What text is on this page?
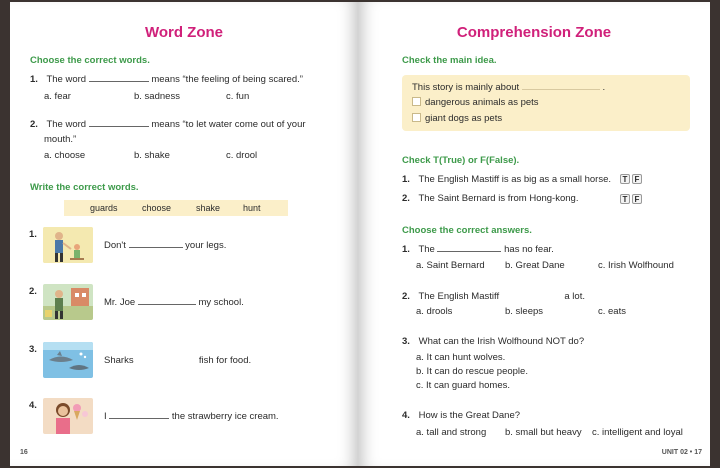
Word Zone
Choose the correct words.
1. The word	means “the feeling of being scared.”
a. fear	b. sadness	c. fun
2. The word	means “to let water come out of your
mouth.”
a. choose	b. shake	c. drool
Write the correct words.
guards	choose	shake	hunt
1.
Don't	your legs.
2.
Mr. Joe	my school.
3.
Sharks	fish for food.
4.
I	the strawberry ice cream.
16
Comprehension Zone
Check the main idea.
This story is mainly about	.
dangerous animals as pets
giant dogs as pets
Check T(True) or F(False).
1. The English Mastiff is as big as a small horse.	T F
2. The Saint Bernard is from Hong-kong.	T F
Choose the correct answers.
1. The	has no fear.
a. Saint Bernard b. Great Dane	c. Irish Wolfhound
2. The English Mastiff	a lot.
a. drools	b. sleeps	c. eats
3. What can the Irish Wolfhound NOT do?
a. It can hunt wolves.
b. It can do rescue people.
c. It can guard homes.
4. How is the Great Dane?
a. tall and strong b. small but heavy c. intelligent and loyal
UNIT 02 • 17
